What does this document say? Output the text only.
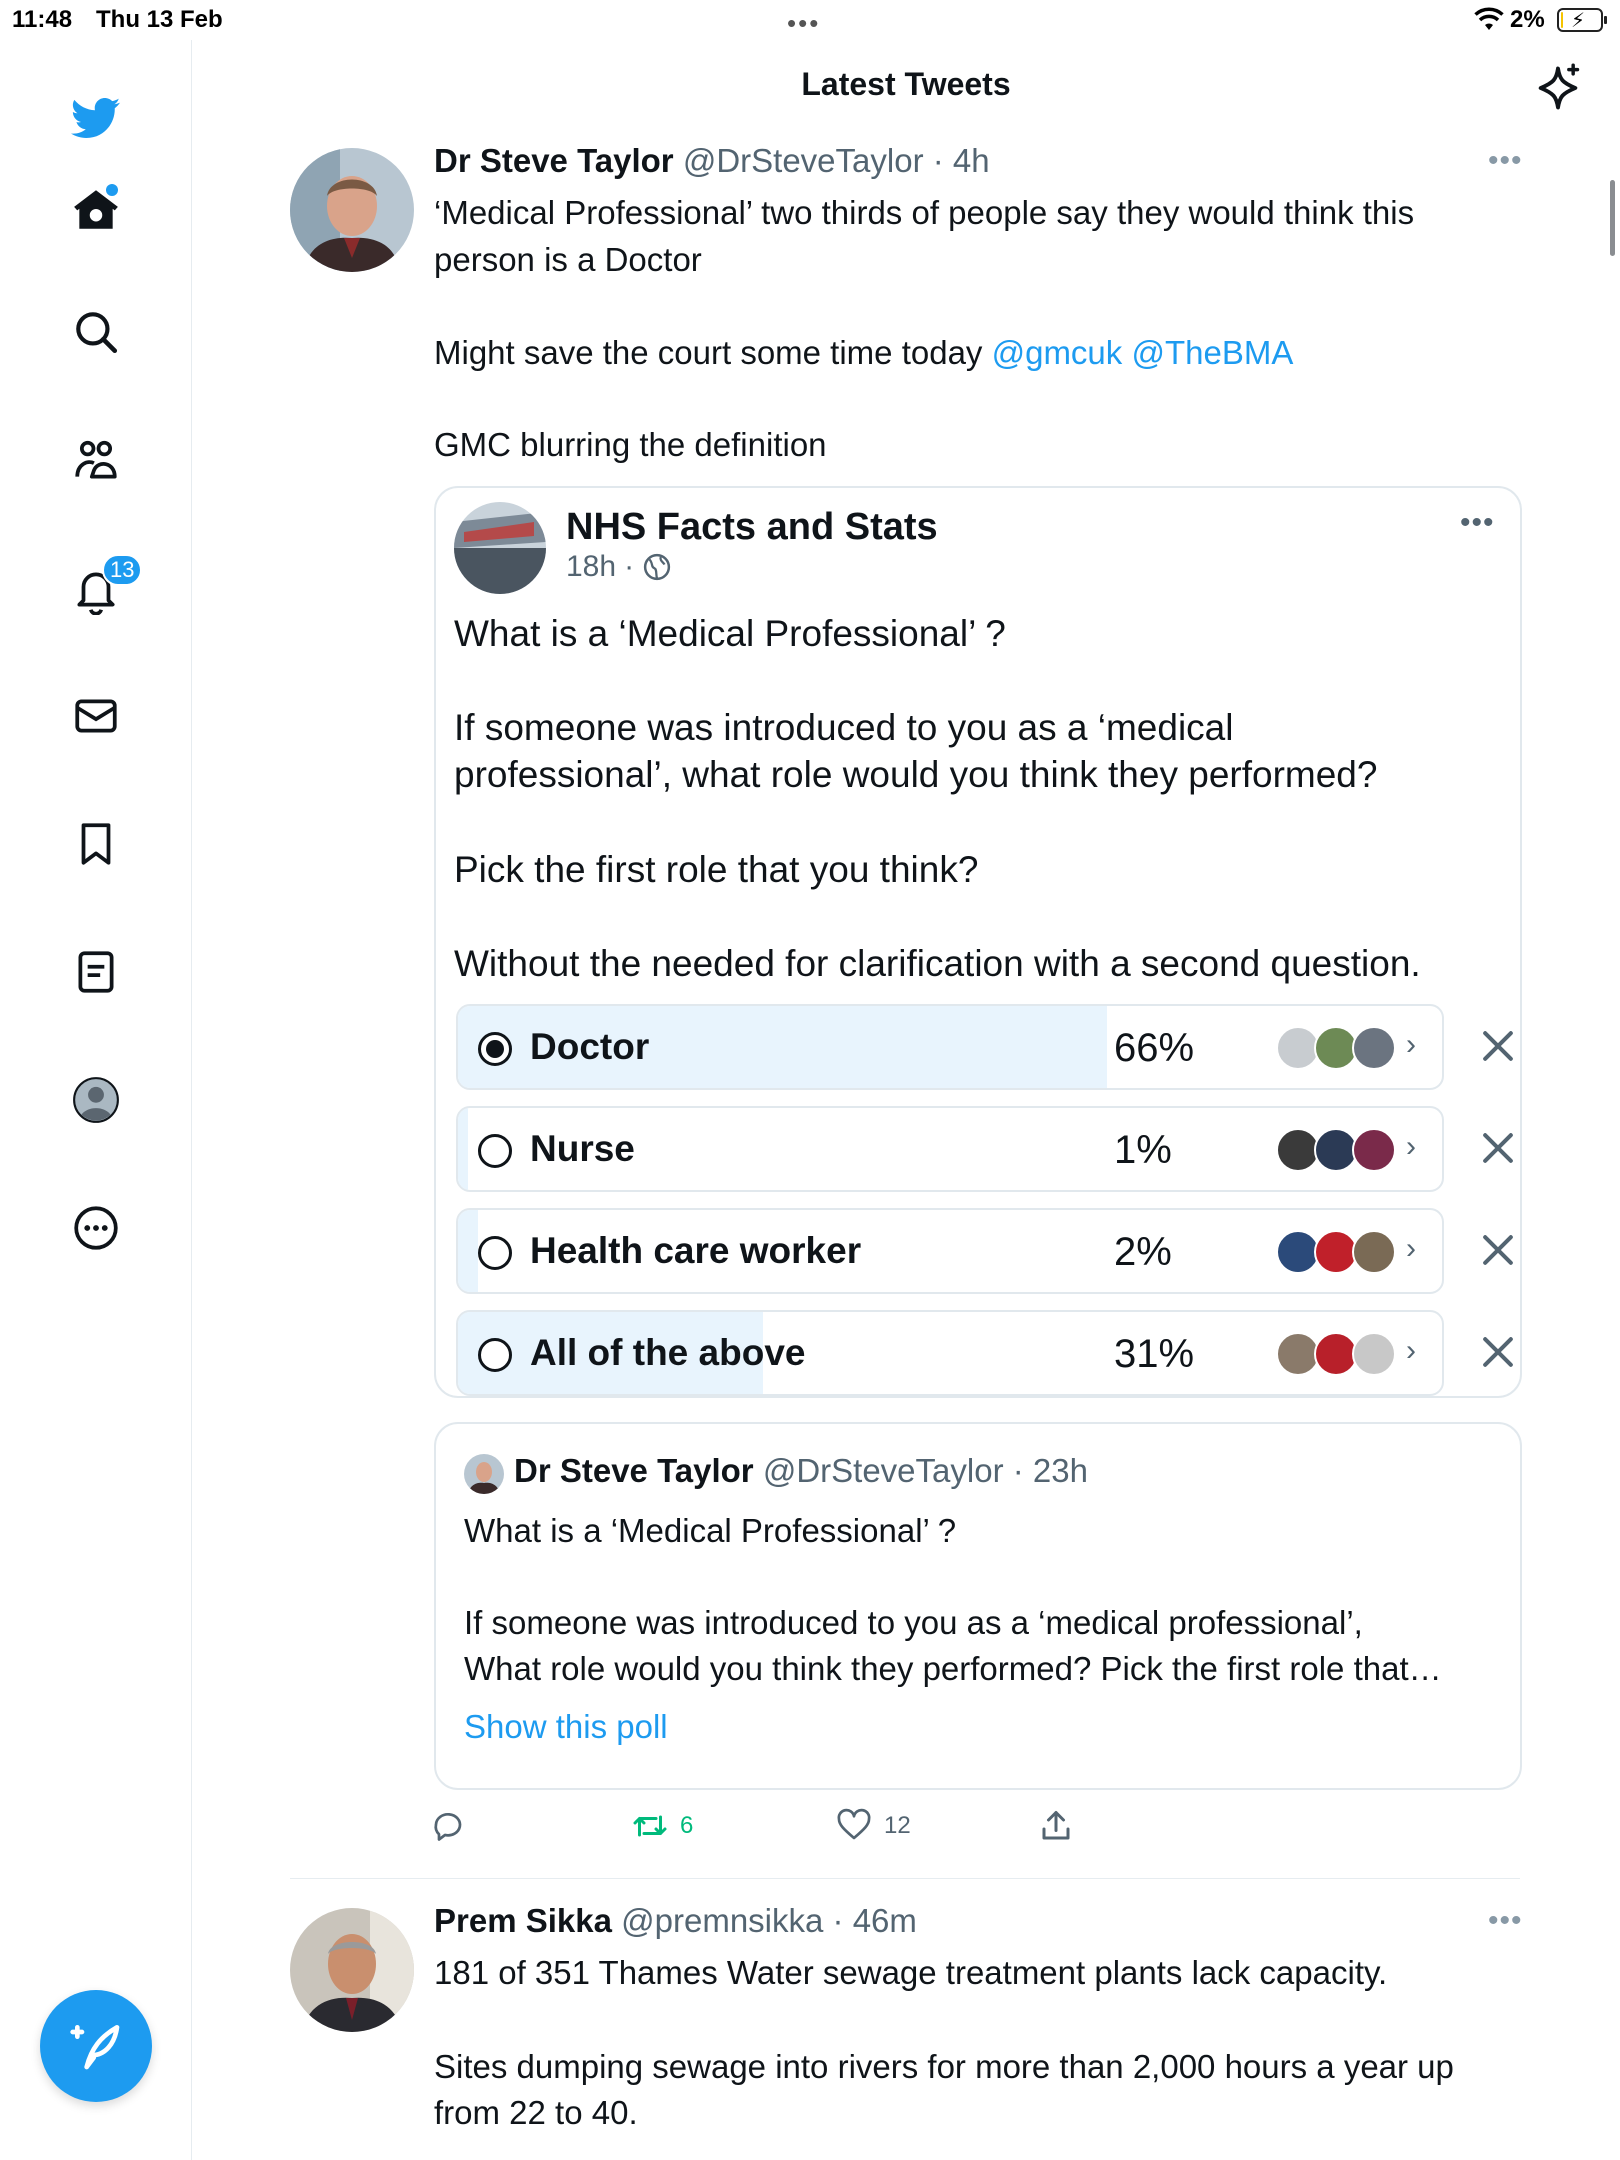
11:48 Thu 13 Feb	•••	2% ⚡
13
Latest Tweets
Dr Steve Taylor @DrSteveTaylor · 4h	•••
‘Medical Professional’ two thirds of people say they would think this
person is a Doctor
Might save the court some time today @gmcuk @TheBMA
GMC blurring the definition
NHS Facts and Stats
18h ·
•••
What is a ‘Medical Professional’ ?
If someone was introduced to you as a ‘medical
professional’, what role would you think they performed?
Pick the first role that you think?
Without the needed for clarification with a second question.
Doctor	66%	›
Nurse	1%	›
Health care worker	2%	›
All of the above	31%	›
Dr Steve Taylor @DrSteveTaylor · 23h
What is a ‘Medical Professional’ ?
If someone was introduced to you as a ‘medical professional’,
What role would you think they performed? Pick the first role that…
Show this poll
6	12
Prem Sikka @premnsikka · 46m	•••
181 of 351 Thames Water sewage treatment plants lack capacity.
Sites dumping sewage into rivers for more than 2,000 hours a year up
from 22 to 40.
